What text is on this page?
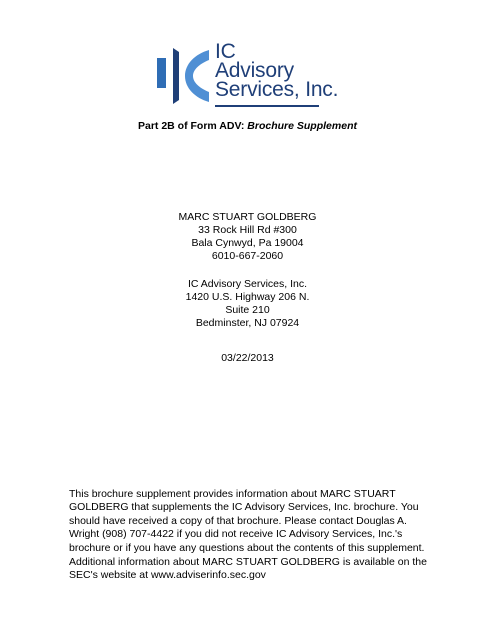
IC
Advisory
Services, Inc.
Part 2B of Form ADV: Brochure Supplement
MARC STUART GOLDBERG
33 Rock Hill Rd #300
Bala Cynwyd, Pa 19004
6010-667-2060
IC Advisory Services, Inc.
1420 U.S. Highway 206 N.
Suite 210
Bedminster, NJ 07924
03/22/2013
This brochure supplement provides information about MARC STUART GOLDBERG that supplements the IC Advisory Services, Inc. brochure. You should have received a copy of that brochure. Please contact Douglas A. Wright (908) 707-4422 if you did not receive IC Advisory Services, Inc.'s brochure or if you have any questions about the contents of this supplement.
Additional information about MARC STUART GOLDBERG is available on the SEC's website at www.adviserinfo.sec.gov
